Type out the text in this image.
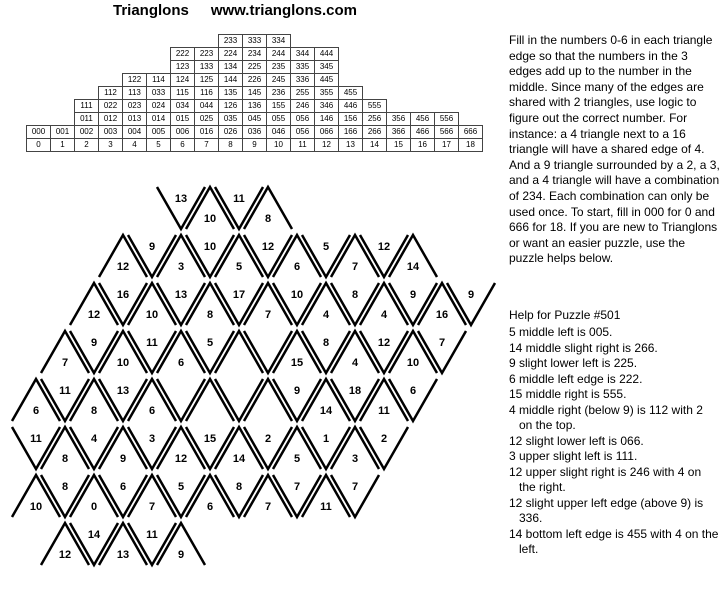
Trianglons www.trianglons.com
233	333	334
222	223	224	234	244	344	444
123	133	134	225	235	335	345
122	114	124	125	144	226	245	336	445
112	113	033	115	116	135	145	236	255	355	455
111	022	023	024	034	044	126	136	155	246	346	446	555
011	012	013	014	015	025	035	045	055	056	146	156	256	356	456	556
000	001	002	003	004	005	006	016	026	036	046	056	066	166	266	366	466	566	666
0	1	2	3	4	5	6	7	8	9	10	11	12	13	14	15	16	17	18

Fill in the numbers 0-6 in each triangle edge so that the numbers in the 3 edges add up to the number in the middle. Since many of the edges are shared with 2 triangles, use logic to figure out the correct number. For instance: a 4 triangle next to a 16 triangle will have a shared edge of 4. And a 9 triangle surrounded by a 2, a 3, and a 4 triangle will have a combination of 234. Each combination can only be used once. To start, fill in 000 for 0 and 666 for 18. If you are new to Trianglons or want an easier puzzle, use the puzzle helps below.

Help for Puzzle #501

5 middle left is 005.
14 middle slight right is 266.
9 slight lower left is 225.
6 middle left edge is 222.
15 middle right is 555.
4 middle right (below 9) is 112 with 2 on the top.
12 slight lower left is 066.
3 upper slight left is 111.
12 upper slight right is 246 with 4 on the right.
12 slight upper left edge (above 9) is 336.
14 bottom left edge is 455 with 4 on the left.
13
10
11
8
12
9
3
10
5
12
6
5
7
12
14
12
16
10
13
8
17
7
10
4
8
4
9
16
9
7
9
10
11
6
5
15
8
4
12
10
7
6
11
8
13
6
9
14
18
11
6
11
8
4
9
3
12
15
14
2
5
1
3
2
10
8
0
6
7
5
6
8
7
7
11
7
12
14
13
11
9
